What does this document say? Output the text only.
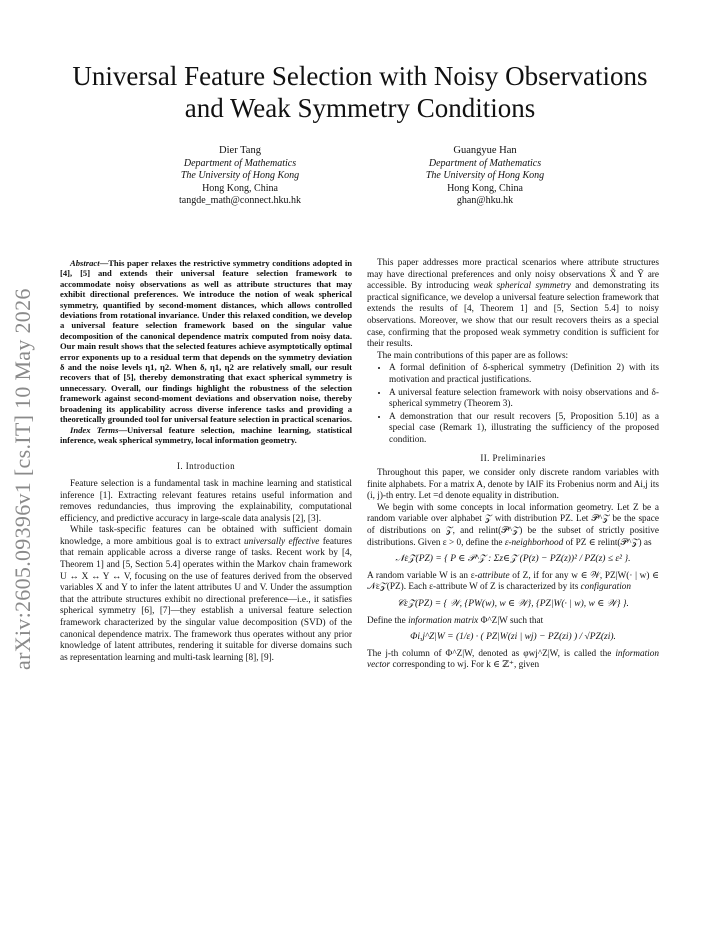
arXiv:2605.09396v1 [cs.IT] 10 May 2026
Universal Feature Selection with Noisy Observations and Weak Symmetry Conditions
Dier Tang
Department of Mathematics
The University of Hong Kong
Hong Kong, China
tangde_math@connect.hku.hk
Guangyue Han
Department of Mathematics
The University of Hong Kong
Hong Kong, China
ghan@hku.hk

Abstract—This paper relaxes the restrictive symmetry conditions adopted in [4], [5] and extends their universal feature selection framework to accommodate noisy observations as well as attribute structures that may exhibit directional preferences. We introduce the notion of weak spherical symmetry, quantified by second-moment distances, which allows controlled deviations from rotational invariance. Under this relaxed condition, we develop a universal feature selection framework based on the singular value decomposition of the canonical dependence matrix computed from noisy data. Our main result shows that the selected features achieve asymptotically optimal error exponents up to a residual term that depends on the symmetry deviation δ and the noise levels η1, η2. When δ, η1, η2 are relatively small, our result recovers that of [5], thereby demonstrating that exact spherical symmetry is unnecessary. Overall, our findings highlight the robustness of the selection framework against second-moment deviations and observation noise, thereby broadening its applicability across diverse inference tasks and providing a theoretically grounded tool for universal feature selection in practical scenarios.

Index Terms—Universal feature selection, machine learning, statistical inference, weak spherical symmetry, local information geometry.

I. Introduction

Feature selection is a fundamental task in machine learning and statistical inference [1]. Extracting relevant features retains useful information and removes redundancies, thus improving the explainability, computational efficiency, and predictive accuracy in large-scale data analysis [2], [3].

While task-specific features can be obtained with sufficient domain knowledge, a more ambitious goal is to extract universally effective features that remain applicable across a diverse range of tasks. Recent work by [4, Theorem 1] and [5, Section 5.4] operates within the Markov chain framework U ↔ X ↔ Y ↔ V, focusing on the use of features derived from the observed variables X and Y to infer the latent attributes U and V. Under the assumption that the attribute structures exhibit no directional preference—i.e., it satisfies spherical symmetry [6], [7]—they establish a universal feature selection framework characterized by the singular value decomposition (SVD) of the canonical dependence matrix. The framework thus operates without any prior knowledge of latent attributes, rendering it suitable for diverse domains such as representation learning and multi-task learning [8], [9].

This paper addresses more practical scenarios where attribute structures may have directional preferences and only noisy observations X̃ and Ỹ are accessible. By introducing weak spherical symmetry and demonstrating its practical significance, we develop a universal feature selection framework that extends the results of [4, Theorem 1] and [5, Section 5.4] to noisy observations. Moreover, we show that our result recovers theirs as a special case, confirming that the proposed weak symmetry condition is sufficient for their results.

The main contributions of this paper are as follows:

• A formal definition of δ-spherical symmetry (Definition 2) with its motivation and practical justifications.
• A universal feature selection framework with noisy observations and δ-spherical symmetry (Theorem 3).
• A demonstration that our result recovers [5, Proposition 5.10] as a special case (Remark 1), illustrating the sufficiency of the proposed condition.
II. Preliminaries

Throughout this paper, we consider only discrete random variables with finite alphabets. For a matrix A, denote by ‖A‖F its Frobenius norm and Ai,j its (i, j)-th entry. Let =d denote equality in distribution.

We begin with some concepts in local information geometry. Let Z be a random variable over alphabet 𝒵 with distribution PZ. Let 𝒫^𝒵 be the space of distributions on 𝒵, and relint(𝒫^𝒵) be the subset of strictly positive distributions. Given ε > 0, define the ε-neighborhood of PZ ∈ relint(𝒫^𝒵) as

𝒩ε𝒵(PZ) = { P ∈ 𝒫^𝒵 : Σz∈𝒵 (P(z) − PZ(z))² / PZ(z) ≤ ε² }.

A random variable W is an ε-attribute of Z, if for any w ∈ 𝒲, PZ|W(· | w) ∈ 𝒩ε𝒵(PZ). Each ε-attribute W of Z is characterized by its configuration

𝒞ε𝒵(PZ) = { 𝒲, {PW(w), w ∈ 𝒲}, {PZ|W(· | w), w ∈ 𝒲} }.

Define the information matrix Φ^Z|W such that

Φi,j^Z|W = (1/ε) · ( PZ|W(zi | wj) − PZ(zi) ) / √PZ(zi).

The j-th column of Φ^Z|W, denoted as φwj^Z|W, is called the information vector corresponding to wj. For k ∈ ℤ⁺, given
